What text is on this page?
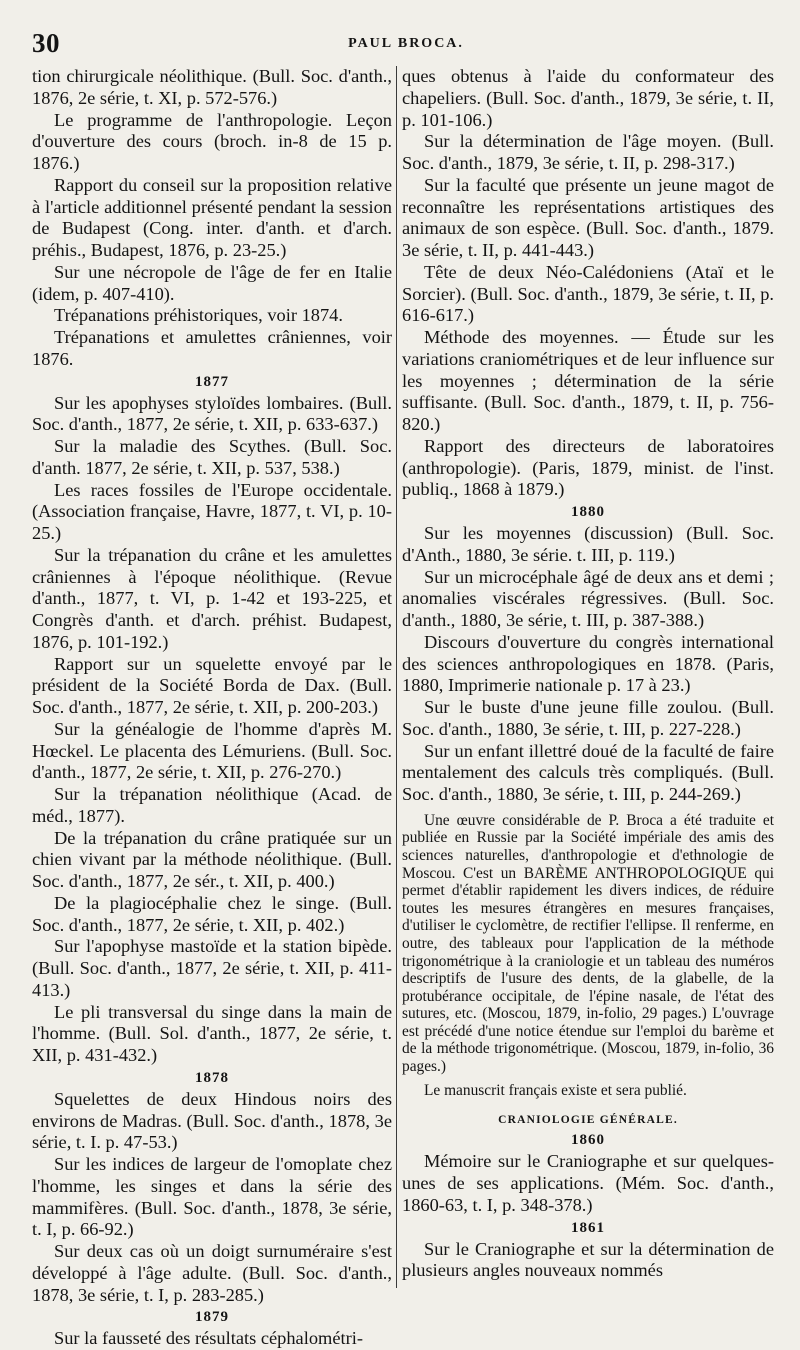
30	PAUL BROCA.

tion chirurgicale néolithique. (Bull. Soc. d'anth., 1876, 2e série, t. XI, p. 572-576.)

Le programme de l'anthropologie. Leçon d'ouverture des cours (broch. in-8 de 15 p. 1876.)

Rapport du conseil sur la proposition relative à l'article additionnel présenté pendant la session de Budapest (Cong. inter. d'anth. et d'arch. préhis., Budapest, 1876, p. 23-25.)

Sur une nécropole de l'âge de fer en Italie (idem, p. 407-410).

Trépanations préhistoriques, voir 1874.

Trépanations et amulettes crâniennes, voir 1876.

1877

Sur les apophyses styloïdes lombaires. (Bull. Soc. d'anth., 1877, 2e série, t. XII, p. 633-637.)

Sur la maladie des Scythes. (Bull. Soc. d'anth. 1877, 2e série, t. XII, p. 537, 538.)

Les races fossiles de l'Europe occidentale. (Association française, Havre, 1877, t. VI, p. 10-25.)

Sur la trépanation du crâne et les amulettes crâniennes à l'époque néolithique. (Revue d'anth., 1877, t. VI, p. 1-42 et 193-225, et Congrès d'anth. et d'arch. préhist. Budapest, 1876, p. 101-192.)

Rapport sur un squelette envoyé par le président de la Société Borda de Dax. (Bull. Soc. d'anth., 1877, 2e série, t. XII, p. 200-203.)

Sur la généalogie de l'homme d'après M. Hœckel. Le placenta des Lémuriens. (Bull. Soc. d'anth., 1877, 2e série, t. XII, p. 276-270.)

Sur la trépanation néolithique (Acad. de méd., 1877).

De la trépanation du crâne pratiquée sur un chien vivant par la méthode néolithique. (Bull. Soc. d'anth., 1877, 2e sér., t. XII, p. 400.)

De la plagiocéphalie chez le singe. (Bull. Soc. d'anth., 1877, 2e série, t. XII, p. 402.)

Sur l'apophyse mastoïde et la station bipède. (Bull. Soc. d'anth., 1877, 2e série, t. XII, p. 411-413.)

Le pli transversal du singe dans la main de l'homme. (Bull. Sol. d'anth., 1877, 2e série, t. XII, p. 431-432.)

1878

Squelettes de deux Hindous noirs des environs de Madras. (Bull. Soc. d'anth., 1878, 3e série, t. I. p. 47-53.)

Sur les indices de largeur de l'omoplate chez l'homme, les singes et dans la série des mammifères. (Bull. Soc. d'anth., 1878, 3e série, t. I, p. 66-92.)

Sur deux cas où un doigt surnuméraire s'est développé à l'âge adulte. (Bull. Soc. d'anth., 1878, 3e série, t. I, p. 283-285.)

1879

Sur la fausseté des résultats céphalométri-

ques obtenus à l'aide du conformateur des chapeliers. (Bull. Soc. d'anth., 1879, 3e série, t. II, p. 101-106.)

Sur la détermination de l'âge moyen. (Bull. Soc. d'anth., 1879, 3e série, t. II, p. 298-317.)

Sur la faculté que présente un jeune magot de reconnaître les représentations artistiques des animaux de son espèce. (Bull. Soc. d'anth., 1879. 3e série, t. II, p. 441-443.)

Tête de deux Néo-Calédoniens (Ataï et le Sorcier). (Bull. Soc. d'anth., 1879, 3e série, t. II, p. 616-617.)

Méthode des moyennes. — Étude sur les variations craniométriques et de leur influence sur les moyennes ; détermination de la série suffisante. (Bull. Soc. d'anth., 1879, t. II, p. 756-820.)

Rapport des directeurs de laboratoires (anthropologie). (Paris, 1879, minist. de l'inst. publiq., 1868 à 1879.)

1880

Sur les moyennes (discussion) (Bull. Soc. d'Anth., 1880, 3e série. t. III, p. 119.)

Sur un microcéphale âgé de deux ans et demi ; anomalies viscérales régressives. (Bull. Soc. d'anth., 1880, 3e série, t. III, p. 387-388.)

Discours d'ouverture du congrès international des sciences anthropologiques en 1878. (Paris, 1880, Imprimerie nationale p. 17 à 23.)

Sur le buste d'une jeune fille zoulou. (Bull. Soc. d'anth., 1880, 3e série, t. III, p. 227-228.)

Sur un enfant illettré doué de la faculté de faire mentalement des calculs très compliqués. (Bull. Soc. d'anth., 1880, 3e série, t. III, p. 244-269.)

Une œuvre considérable de P. Broca a été traduite et publiée en Russie par la Société impériale des amis des sciences naturelles, d'anthropologie et d'ethnologie de Moscou. C'est un BARÈME ANTHROPOLOGIQUE qui permet d'établir rapidement les divers indices, de réduire toutes les mesures étrangères en mesures françaises, d'utiliser le cyclomètre, de rectifier l'ellipse. Il renferme, en outre, des tableaux pour l'application de la méthode trigonométrique à la craniologie et un tableau des numéros descriptifs de l'usure des dents, de la glabelle, de la protubérance occipitale, de l'épine nasale, de l'état des sutures, etc. (Moscou, 1879, in-folio, 29 pages.) L'ouvrage est précédé d'une notice étendue sur l'emploi du barème et de la méthode trigonométrique. (Moscou, 1879, in-folio, 36 pages.)

Le manuscrit français existe et sera publié.

CRANIOLOGIE GÉNÉRALE.

1860

Mémoire sur le Craniographe et sur quelques-unes de ses applications. (Mém. Soc. d'anth., 1860-63, t. I, p. 348-378.)

1861

Sur le Craniographe et sur la détermination de plusieurs angles nouveaux nommés
